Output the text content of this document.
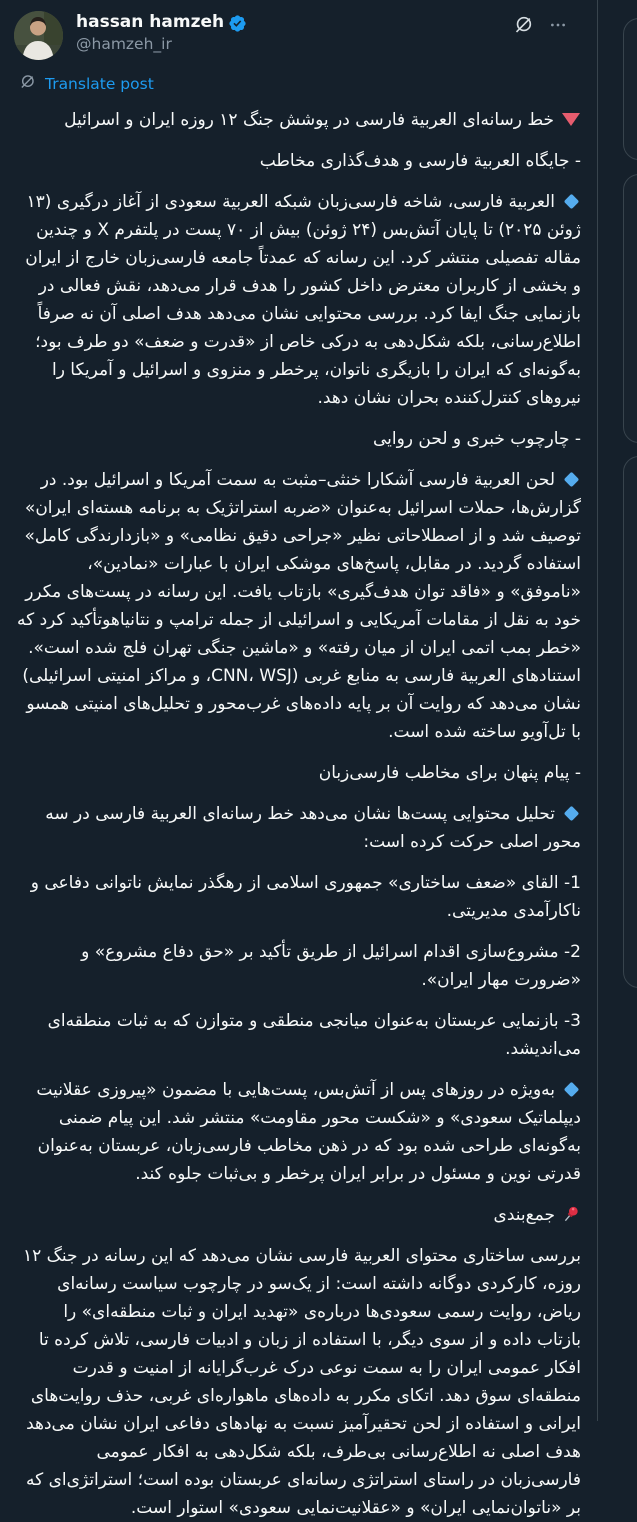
hassan hamzeh
@hamzeh_ir
Translate post

خط رسانه‌ای العربية فارسی در پوشش جنگ ۱۲ روزه ایران و اسرائیل

- جایگاه العربية فارسی و هدف‌گذاری مخاطب

العربية فارسی، شاخه فارسی‌زبان شبکه العربية سعودی از آغاز درگیری (۱۳ ژوئن ۲۰۲۵) تا پایان آتش‌بس (۲۴ ژوئن) بیش از ۷۰ پست در پلتفرم X و چندین مقاله تفصیلی منتشر کرد. این رسانه که عمدتاً جامعه فارسی‌زبان خارج از ایران و بخشی از کاربران معترض داخل کشور را هدف قرار می‌دهد، نقش فعالی در بازنمایی جنگ ایفا کرد. بررسی محتوایی نشان می‌دهد هدف اصلی آن نه صرفاً اطلاع‌رسانی، بلکه شکل‌دهی به درکی خاص از «قدرت و ضعف» دو طرف بود؛ به‌گونه‌ای که ایران را بازیگری ناتوان، پرخطر و منزوی و اسرائیل و آمریکا را نیروهای کنترل‌کننده بحران نشان دهد.

- چارچوب خبری و لحن روایی

لحن العربية فارسی آشکارا خنثی–مثبت به سمت آمریکا و اسرائیل بود. در گزارش‌ها، حملات اسرائیل به‌عنوان «ضربه استراتژیک به برنامه هسته‌ای ایران» توصیف شد و از اصطلاحاتی نظیر «جراحی دقیق نظامی» و «بازدارندگی کامل» استفاده گردید. در مقابل، پاسخ‌های موشکی ایران با عبارات «نمادین»، «ناموفق» و «فاقد توان هدف‌گیری» بازتاب یافت. این رسانه در پست‌های مکرر خود به نقل از مقامات آمریکایی و اسرائیلی از جمله ترامپ و نتانیاهوتأکید کرد که «خطر بمب اتمی ایران از میان رفته» و «ماشین جنگی تهران فلج شده است». استنادهای العربية فارسی به منابع غربی (CNN، WSJ، و مراکز امنیتی اسرائیلی) نشان می‌دهد که روایت آن بر پایه داده‌های غرب‌محور و تحلیل‌های امنیتی همسو با تل‌آویو ساخته شده است.

- پیام پنهان برای مخاطب فارسی‌زبان

تحلیل محتوایی پست‌ها نشان می‌دهد خط رسانه‌ای العربية فارسی در سه محور اصلی حرکت کرده است:

1- القای «ضعف ساختاری» جمهوری اسلامی از رهگذر نمایش ناتوانی دفاعی و ناکارآمدی مدیریتی.

2- مشروع‌سازی اقدام اسرائیل از طریق تأکید بر «حق دفاع مشروع» و «ضرورت مهار ایران».

3- بازنمایی عربستان به‌عنوان میانجی منطقی و متوازن که به ثبات منطقه‌ای می‌اندیشد.

به‌ویژه در روزهای پس از آتش‌بس، پست‌هایی با مضمون «پیروزی عقلانیت دیپلماتیک سعودی» و «شکست محور مقاومت» منتشر شد. این پیام ضمنی به‌گونه‌ای طراحی شده بود که در ذهن مخاطب فارسی‌زبان، عربستان به‌عنوان قدرتی نوین و مسئول در برابر ایران پرخطر و بی‌ثبات جلوه کند.

جمع‌بندی

بررسی ساختاری محتوای العربية فارسی نشان می‌دهد که این رسانه در جنگ ۱۲ روزه، کارکردی دوگانه داشته است: از یک‌سو در چارچوب سیاست رسانه‌ای ریاض، روایت رسمی سعودی‌ها درباره‌ی «تهدید ایران و ثبات منطقه‌ای» را بازتاب داده و از سوی دیگر، با استفاده از زبان و ادبیات فارسی، تلاش کرده تا افکار عمومی ایران را به سمت نوعی درک غرب‌گرایانه از امنیت و قدرت منطقه‌ای سوق دهد. اتکای مکرر به داده‌های ماهواره‌ای غربی، حذف روایت‌های ایرانی و استفاده از لحن تحقیرآمیز نسبت به نهادهای دفاعی ایران نشان می‌دهد هدف اصلی نه اطلاع‌رسانی بی‌طرف، بلکه شکل‌دهی به افکار عمومی فارسی‌زبان در راستای استراتژی رسانه‌ای عربستان بوده است؛ استراتژی‌ای که بر «ناتوان‌نمایی ایران» و «عقلانیت‌نمایی سعودی» استوار است.
